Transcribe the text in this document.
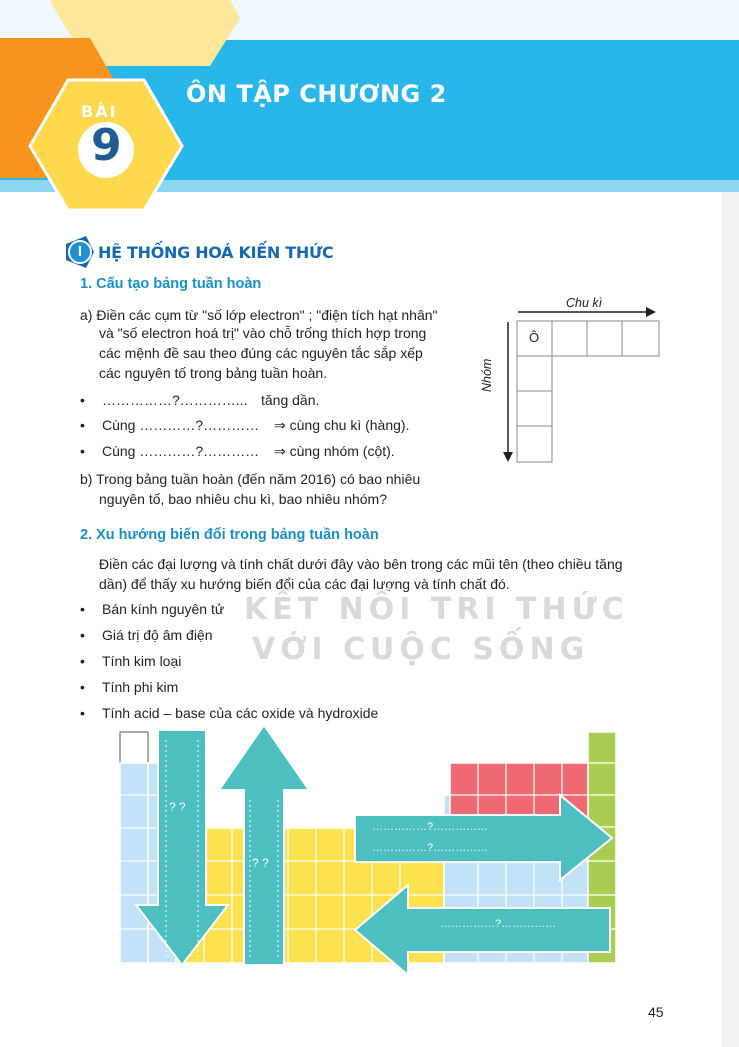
BÀI
9
ÔN TẬP CHƯƠNG 2
I HỆ THỐNG HOÁ KIẾN THỨC
1. Cấu tạo bảng tuần hoàn
a) Điền các cụm từ "số lớp electron" ; "điện tích hạt nhân"
và "số electron hoá trị" vào chỗ trống thích hợp trong
các mệnh đề sau theo đúng các nguyên tắc sắp xếp
các nguyên tố trong bảng tuần hoàn.
• ……………?…………... tăng dần.
• Cùng …………?………… ⇒ cùng chu kì (hàng).
• Cùng …………?………… ⇒ cùng nhóm (cột).
b) Trong bảng tuần hoàn (đến năm 2016) có bao nhiêu
nguyên tố, bao nhiêu chu kì, bao nhiêu nhóm?
Chu kì
Nhóm
Ô
2. Xu hướng biến đổi trong bảng tuần hoàn
Điền các đại lượng và tính chất dưới đây vào bên trong các mũi tên (theo chiều tăng
dần) để thấy xu hướng biến đổi của các đại lượng và tính chất đó.
KẾT NỐI TRI THỨC
VỚI CUỘC SỐNG
• Bán kính nguyên tử
• Giá trị độ âm điện
• Tính kim loại
• Tính phi kim
• Tính acid – base của các oxide và hydroxide
? ?
? ?
……………?……………
……………?……………
……………?……………
45
